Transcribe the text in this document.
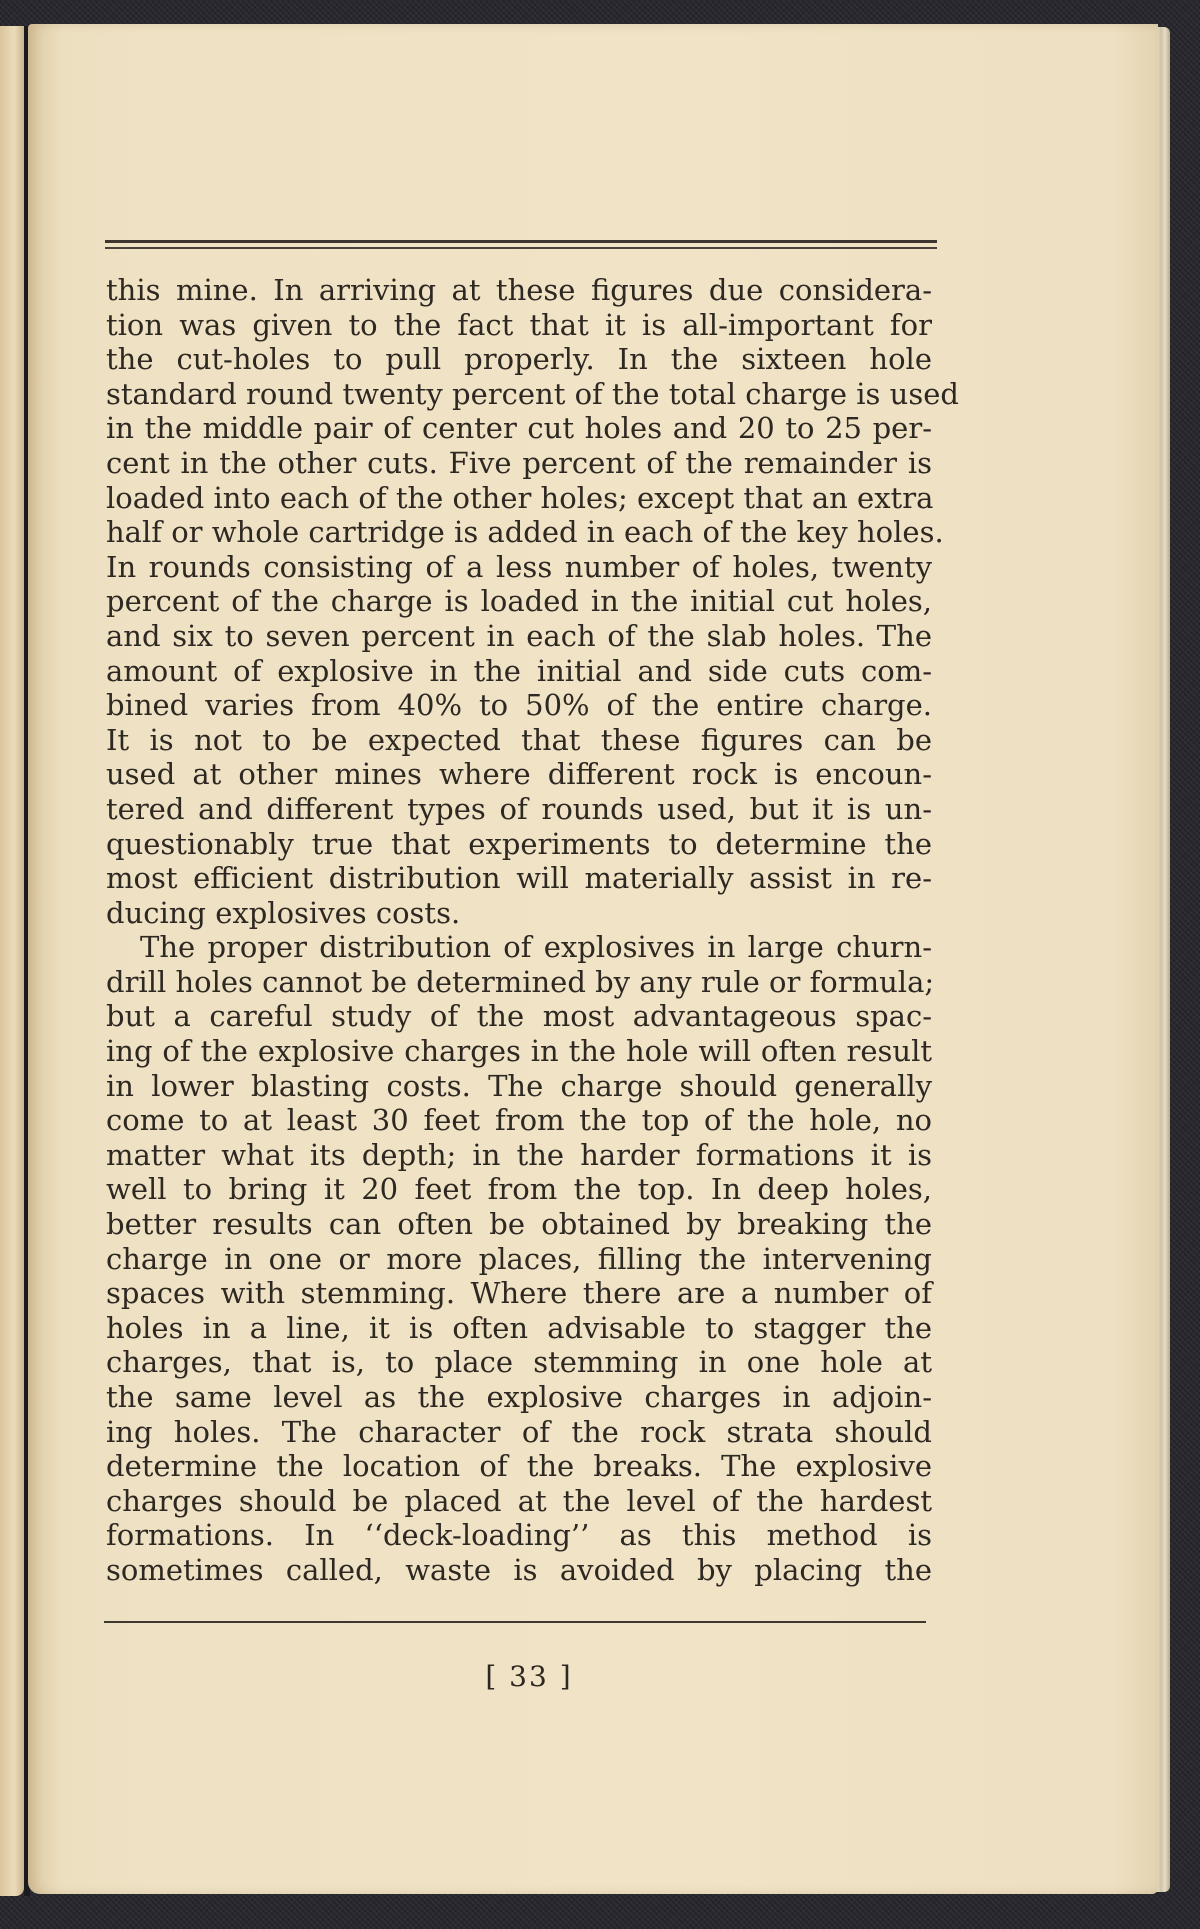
this mine. In arriving at these figures due considera-
tion was given to the fact that it is all-important for
the cut-holes to pull properly. In the sixteen hole
standard round twenty percent of the total charge is used
in the middle pair of center cut holes and 20 to 25 per-
cent in the other cuts. Five percent of the remainder is
loaded into each of the other holes; except that an extra
half or whole cartridge is added in each of the key holes.
In rounds consisting of a less number of holes, twenty
percent of the charge is loaded in the initial cut holes,
and six to seven percent in each of the slab holes. The
amount of explosive in the initial and side cuts com-
bined varies from 40% to 50% of the entire charge.
It is not to be expected that these figures can be
used at other mines where different rock is encoun-
tered and different types of rounds used, but it is un-
questionably true that experiments to determine the
most efficient distribution will materially assist in re-
ducing explosives costs.
The proper distribution of explosives in large churn-
drill holes cannot be determined by any rule or formula;
but a careful study of the most advantageous spac-
ing of the explosive charges in the hole will often result
in lower blasting costs. The charge should generally
come to at least 30 feet from the top of the hole, no
matter what its depth; in the harder formations it is
well to bring it 20 feet from the top. In deep holes,
better results can often be obtained by breaking the
charge in one or more places, filling the intervening
spaces with stemming. Where there are a number of
holes in a line, it is often advisable to stagger the
charges, that is, to place stemming in one hole at
the same level as the explosive charges in adjoin-
ing holes. The character of the rock strata should
determine the location of the breaks. The explosive
charges should be placed at the level of the hardest
formations. In ‘‘deck-loading’’ as this method is
sometimes called, waste is avoided by placing the
[ 33 ]
